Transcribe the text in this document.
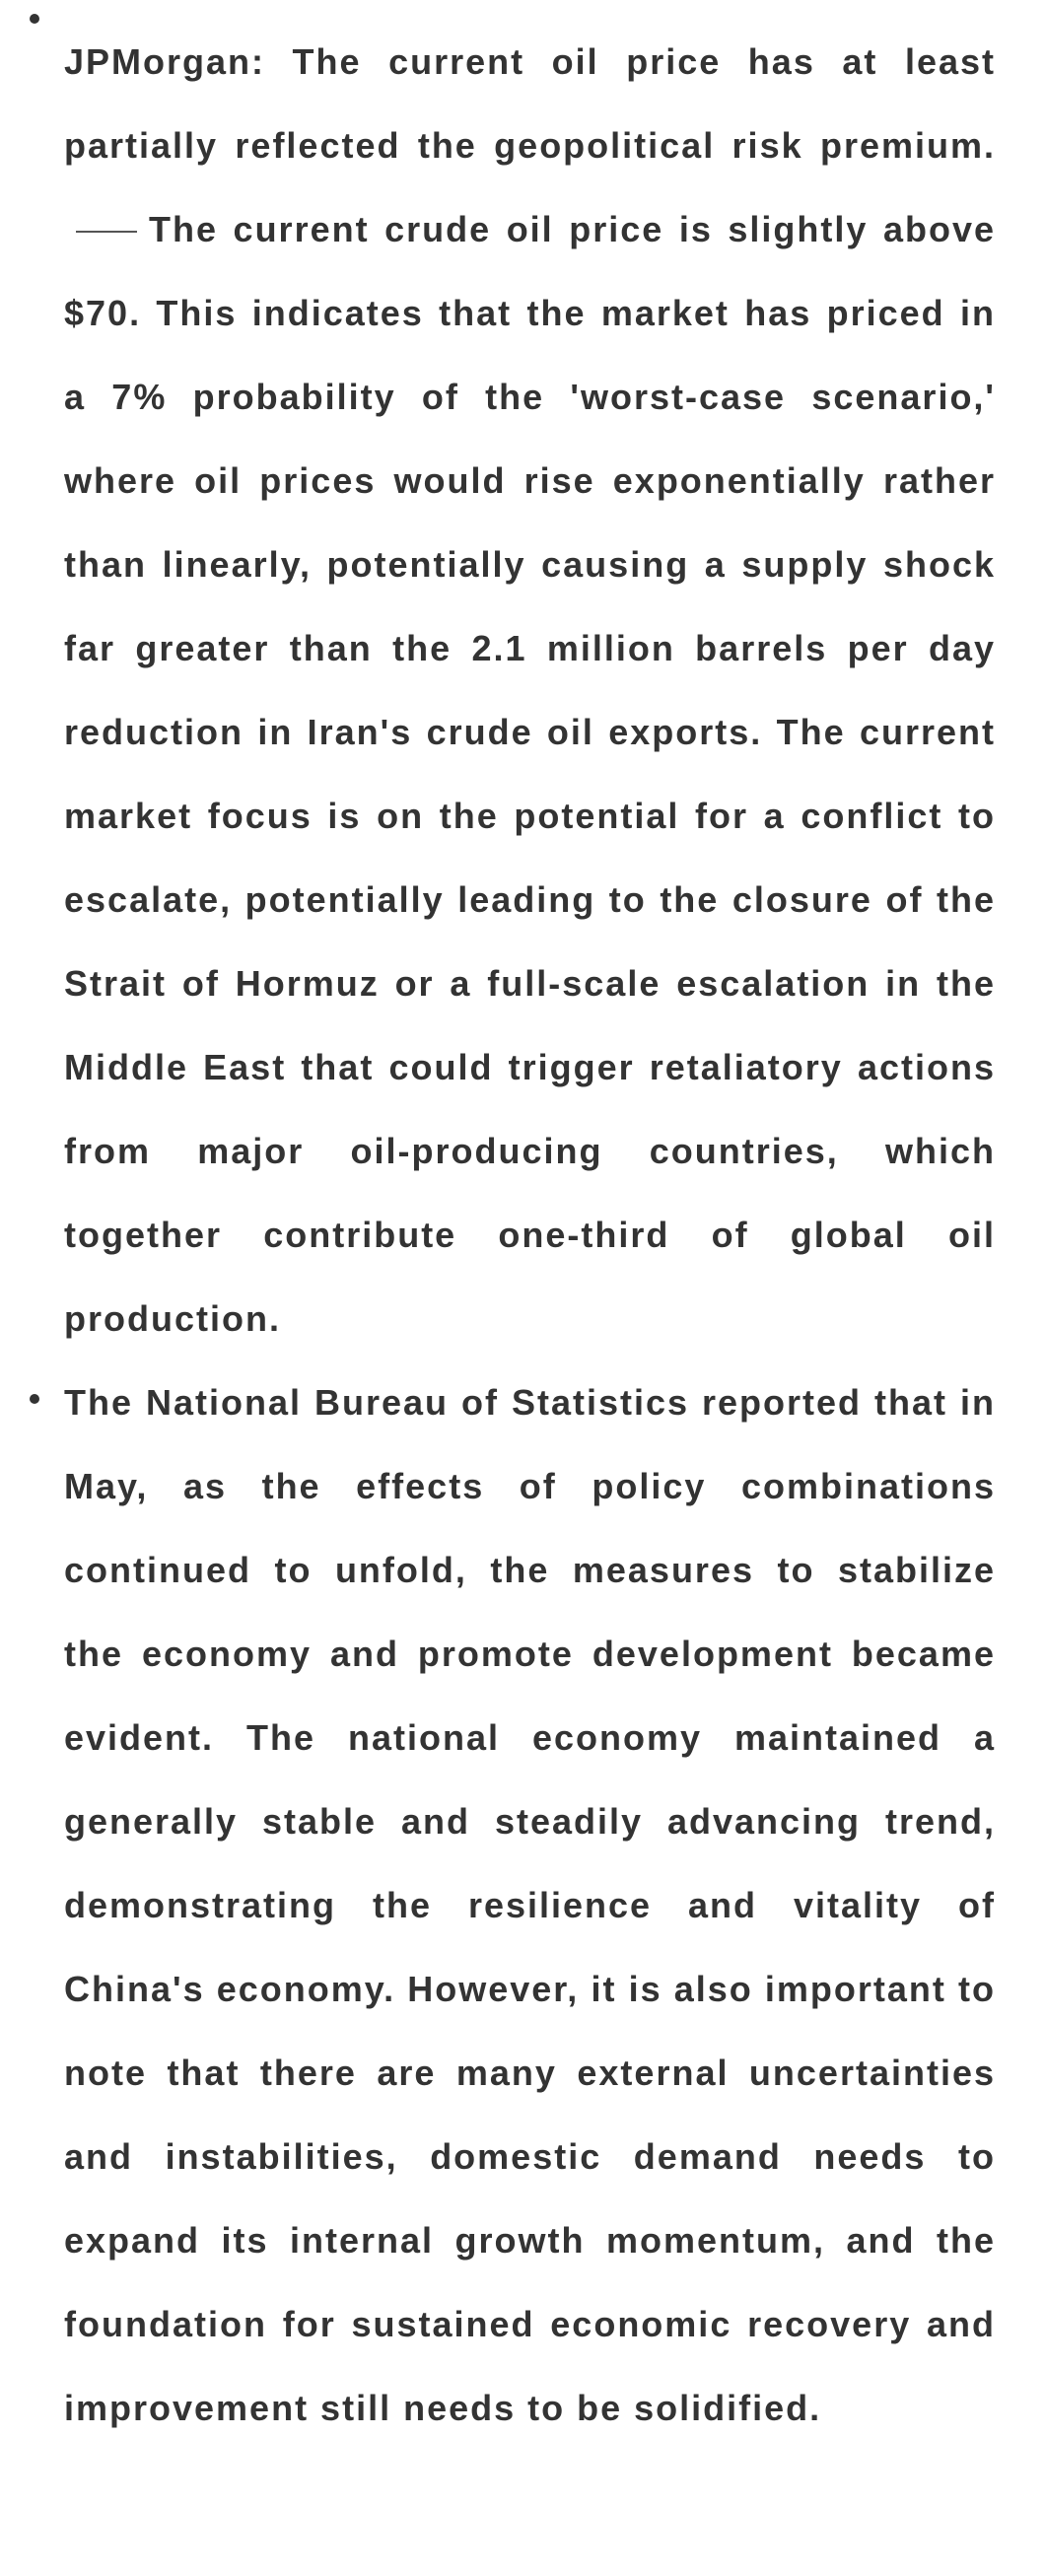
JPMorgan: The current oil price has at least partially reflected the geopolitical risk premium.The current crude oil price is slightly above $70. This indicates that the market has priced in a 7% probability of the 'worst-case scenario,' where oil prices would rise exponentially rather than linearly, potentially causing a supply shock far greater than the 2.1 million barrels per day reduction in Iran's crude oil exports. The current market focus is on the potential for a conflict to escalate, potentially leading to the closure of the Strait of Hormuz or a full-scale escalation in the Middle East that could trigger retaliatory actions from major oil-producing countries, which together contribute one-third of global oil production.

The National Bureau of Statistics reported that in May, as the effects of policy combinations continued to unfold, the measures to stabilize the economy and promote development became evident. The national economy maintained a generally stable and steadily advancing trend, demonstrating the resilience and vitality of China's economy. However, it is also important to note that there are many external uncertainties and instabilities, domestic demand needs to expand its internal growth momentum, and the foundation for sustained economic recovery and improvement still needs to be solidified.
